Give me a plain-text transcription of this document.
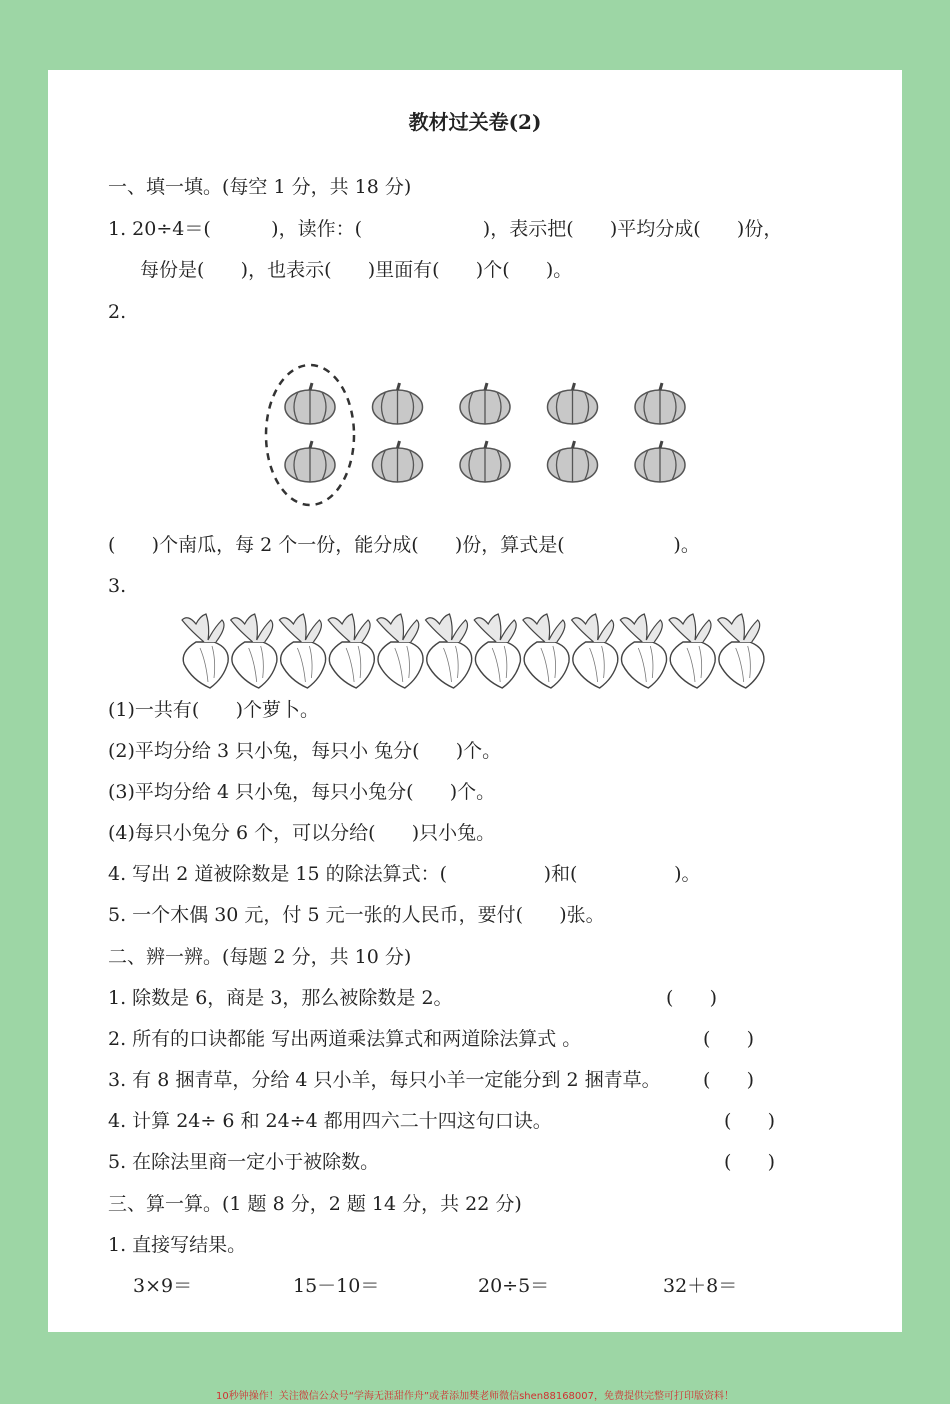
教材过关卷(2)
一、填一填。(每空 1 分，共 18 分)
1. 20÷4＝(          )，读作：(                    )，表示把(      )平均分成(      )份，
每份是(      )，也表示(      )里面有(      )个(      )。
2.
(      )个南瓜，每 2 个一份，能分成(      )份，算式是(                  )。
3.
(1)一共有(      )个萝卜。
(2)平均分给 3 只小兔，每只小 兔分(      )个。
(3)平均分给 4 只小兔，每只小兔分(      )个。
(4)每只小兔分 6 个，可以分给(      )只小兔。
4. 写出 2 道被除数是 15 的除法算式：(                )和(                )。
5. 一个木偶 30 元，付 5 元一张的人民币，要付(      )张。
二、辨一辨。(每题 2 分，共 10 分)
1. 除数是 6，商是 3，那么被除数是 2。	(      )
2. 所有的口诀都能 写出两道乘法算式和两道除法算式 。	(      )
3. 有 8 捆青草，分给 4 只小羊，每只小羊一定能分到 2 捆青草。 (      )
4. 计算 24÷ 6 和 24÷4 都用四六二十四这句口诀。	(      )
5. 在除法里商一定小于被除数。	(      )
三、算一算。(1 题 8 分，2 题 14 分，共 22 分)
1. 直接写结果。
3×9＝	15－10＝	20÷5＝	32＋8＝
10秒钟操作！关注微信公众号“学海无涯甜作舟”或者添加樊老师微信shen88168007，免费提供完整可打印版资料！
